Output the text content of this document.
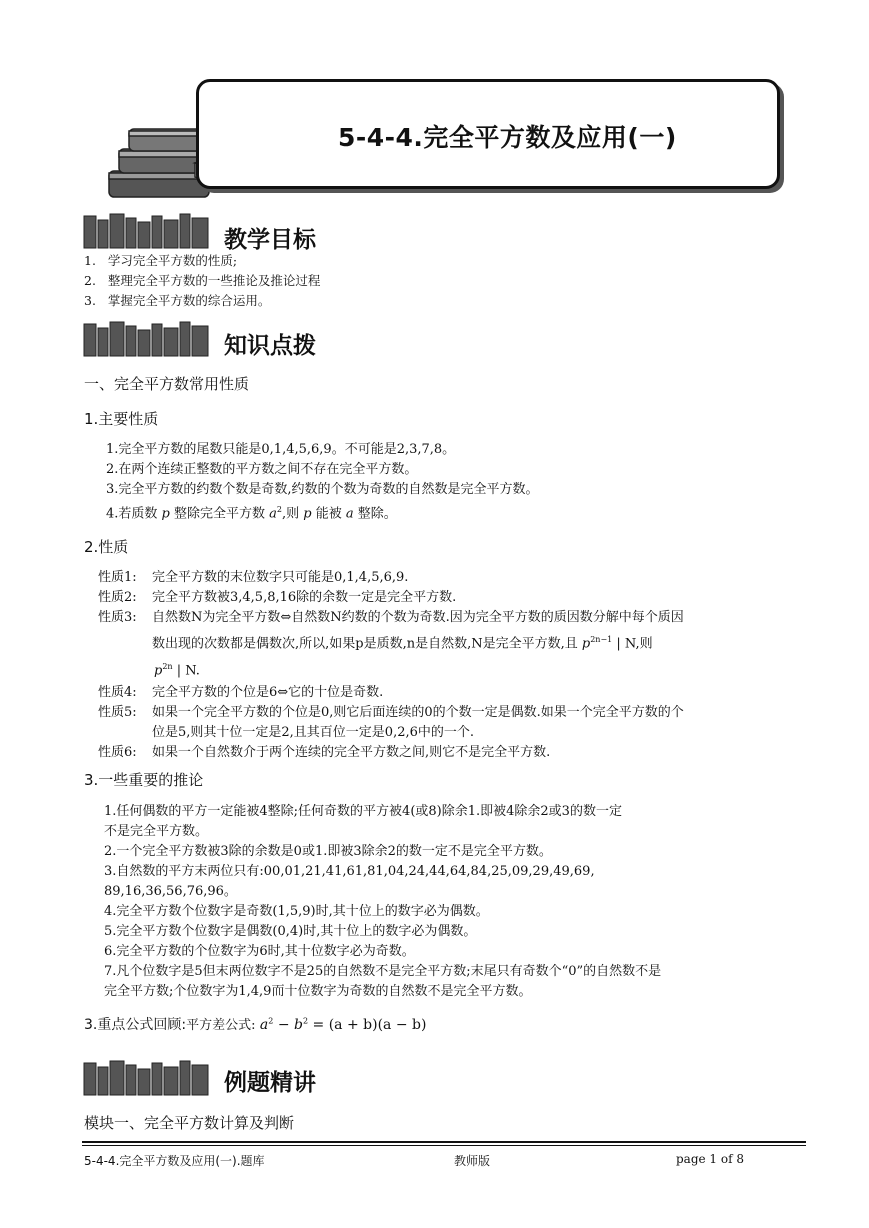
5-4-4.完全平方数及应用(一)
教学目标
1.   学习完全平方数的性质;
2.   整理完全平方数的一些推论及推论过程
3.   掌握完全平方数的综合运用。
知识点拨
一、完全平方数常用性质
1.主要性质
1.完全平方数的尾数只能是0,1,4,5,6,9。不可能是2,3,7,8。
2.在两个连续正整数的平方数之间不存在完全平方数。
3.完全平方数的约数个数是奇数,约数的个数为奇数的自然数是完全平方数。
4.若质数 p 整除完全平方数 $a^2$,则 p 能被 a 整除。
2.性质
性质1: 完全平方数的末位数字只可能是0,1,4,5,6,9.
性质2: 完全平方数被3,4,5,8,16除的余数一定是完全平方数.
性质3: 自然数N为完全平方数⇔自然数N约数的个数为奇数.因为完全平方数的质因数分解中每个质因
数出现的次数都是偶数次,所以,如果p是质数,n是自然数,N是完全平方数,且 $p^{2n-1}$ | N,则
$p^{2n}$ | N.
性质4: 完全平方数的个位是6⇔它的十位是奇数.
性质5: 如果一个完全平方数的个位是0,则它后面连续的0的个数一定是偶数.如果一个完全平方数的个
位是5,则其十位一定是2,且其百位一定是0,2,6中的一个.
性质6: 如果一个自然数介于两个连续的完全平方数之间,则它不是完全平方数.
3.一些重要的推论
1.任何偶数的平方一定能被4整除;任何奇数的平方被4(或8)除余1.即被4除余2或3的数一定
不是完全平方数。
2.一个完全平方数被3除的余数是0或1.即被3除余2的数一定不是完全平方数。
3.自然数的平方末两位只有:00,01,21,41,61,81,04,24,44,64,84,25,09,29,49,69,
89,16,36,56,76,96。
4.完全平方数个位数字是奇数(1,5,9)时,其十位上的数字必为偶数。
5.完全平方数个位数字是偶数(0,4)时,其十位上的数字必为偶数。
6.完全平方数的个位数字为6时,其十位数字必为奇数。
7.凡个位数字是5但末两位数字不是25的自然数不是完全平方数;末尾只有奇数个“0”的自然数不是
完全平方数;个位数字为1,4,9而十位数字为奇数的自然数不是完全平方数。
3.重点公式回顾:平方差公式: $a^2 - b^2 = (a + b)(a - b)$
例题精讲
模块一、完全平方数计算及判断
5-4-4.完全平方数及应用(一).题库	教师版	page 1 of 8
